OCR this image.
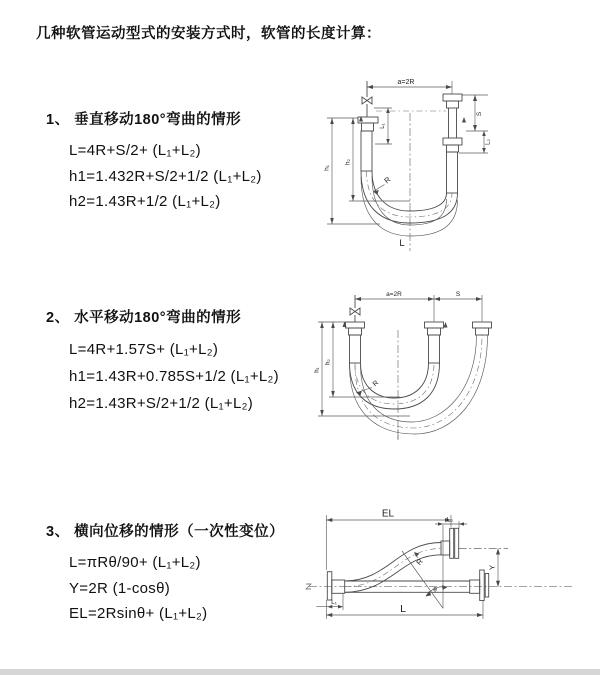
几种软管运动型式的安装方式时，软管的长度计算：

1、 垂直移动180°弯曲的情形

L=4R+S/2+ (L₁+L₂)

h1=1.432R+S/2+1/2 (L₁+L₂)

h2=1.43R+1/2 (L₁+L₂)

2、 水平移动180°弯曲的情形

L=4R+1.57S+ (L₁+L₂)

h1=1.43R+0.785S+1/2 (L₁+L₂)

h2=1.43R+S/2+1/2 (L₁+L₂)

3、 横向位移的情形（一次性变位）

L=πRθ/90+ (L₁+L₂)

Y=2R (1-cosθ)

EL=2Rsinθ+ (L₁+L₂)

a=2R
S
L₂
L₁
h₁
h₂
R
L
a=2R	S
h₁
h₂
R
EL
L₂
Y
θ
R
L₁
L
